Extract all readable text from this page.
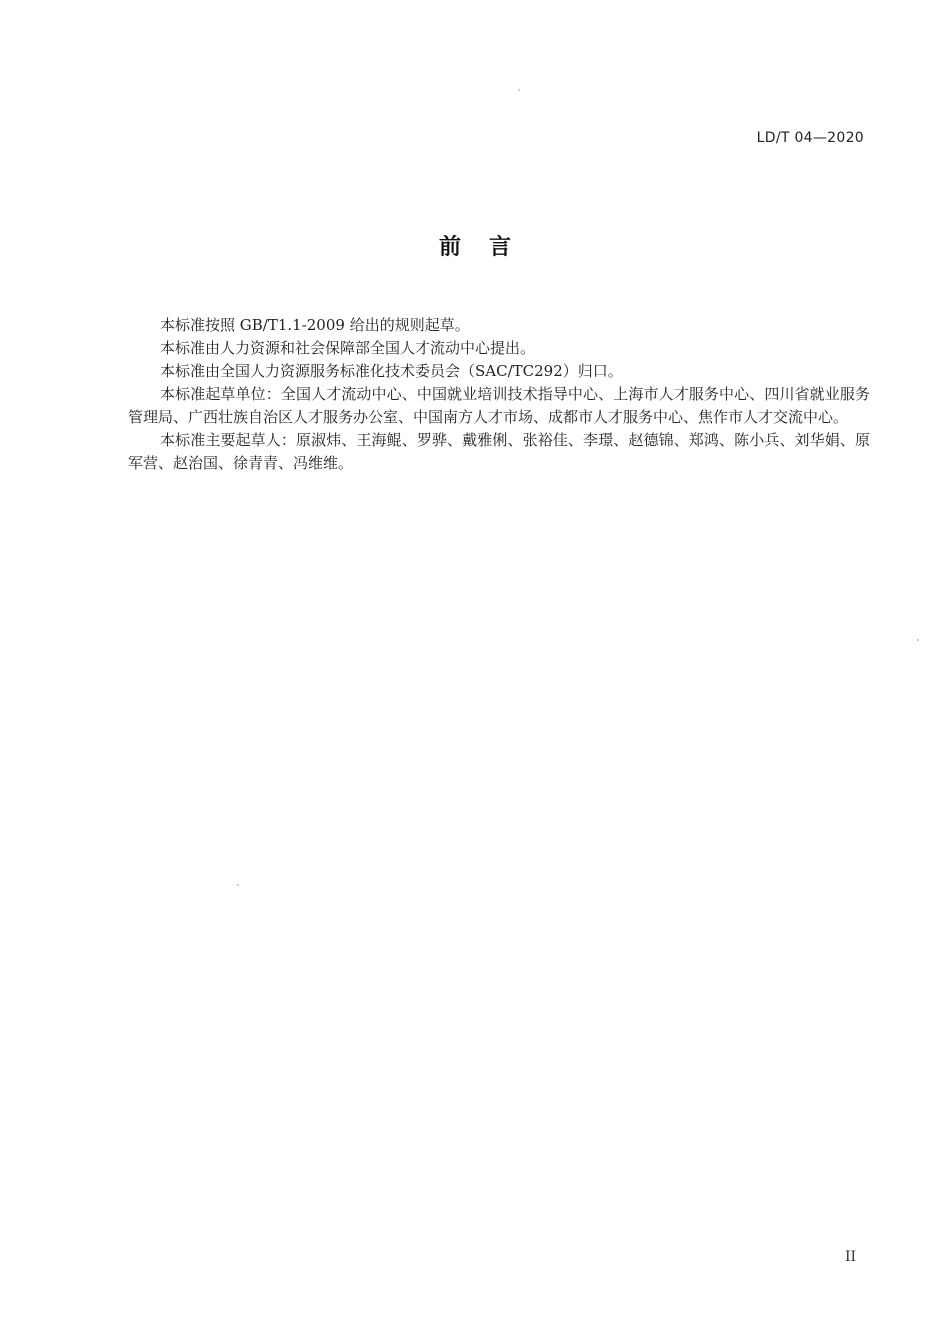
LD/T 04—2020
前言

本标准按照 GB/T1.1-2009 给出的规则起草。

本标准由人力资源和社会保障部全国人才流动中心提出。

本标准由全国人力资源服务标准化技术委员会（SAC/TC292）归口。

本标准起草单位：全国人才流动中心、中国就业培训技术指导中心、上海市人才服务中心、四川省就业服务管理局、广西壮族自治区人才服务办公室、中国南方人才市场、成都市人才服务中心、焦作市人才交流中心。

本标准主要起草人：原淑炜、王海鲲、罗骅、戴雅俐、张裕佳、李璟、赵德锦、郑鸿、陈小兵、刘华娟、原军营、赵治国、徐青青、冯维维。

II
